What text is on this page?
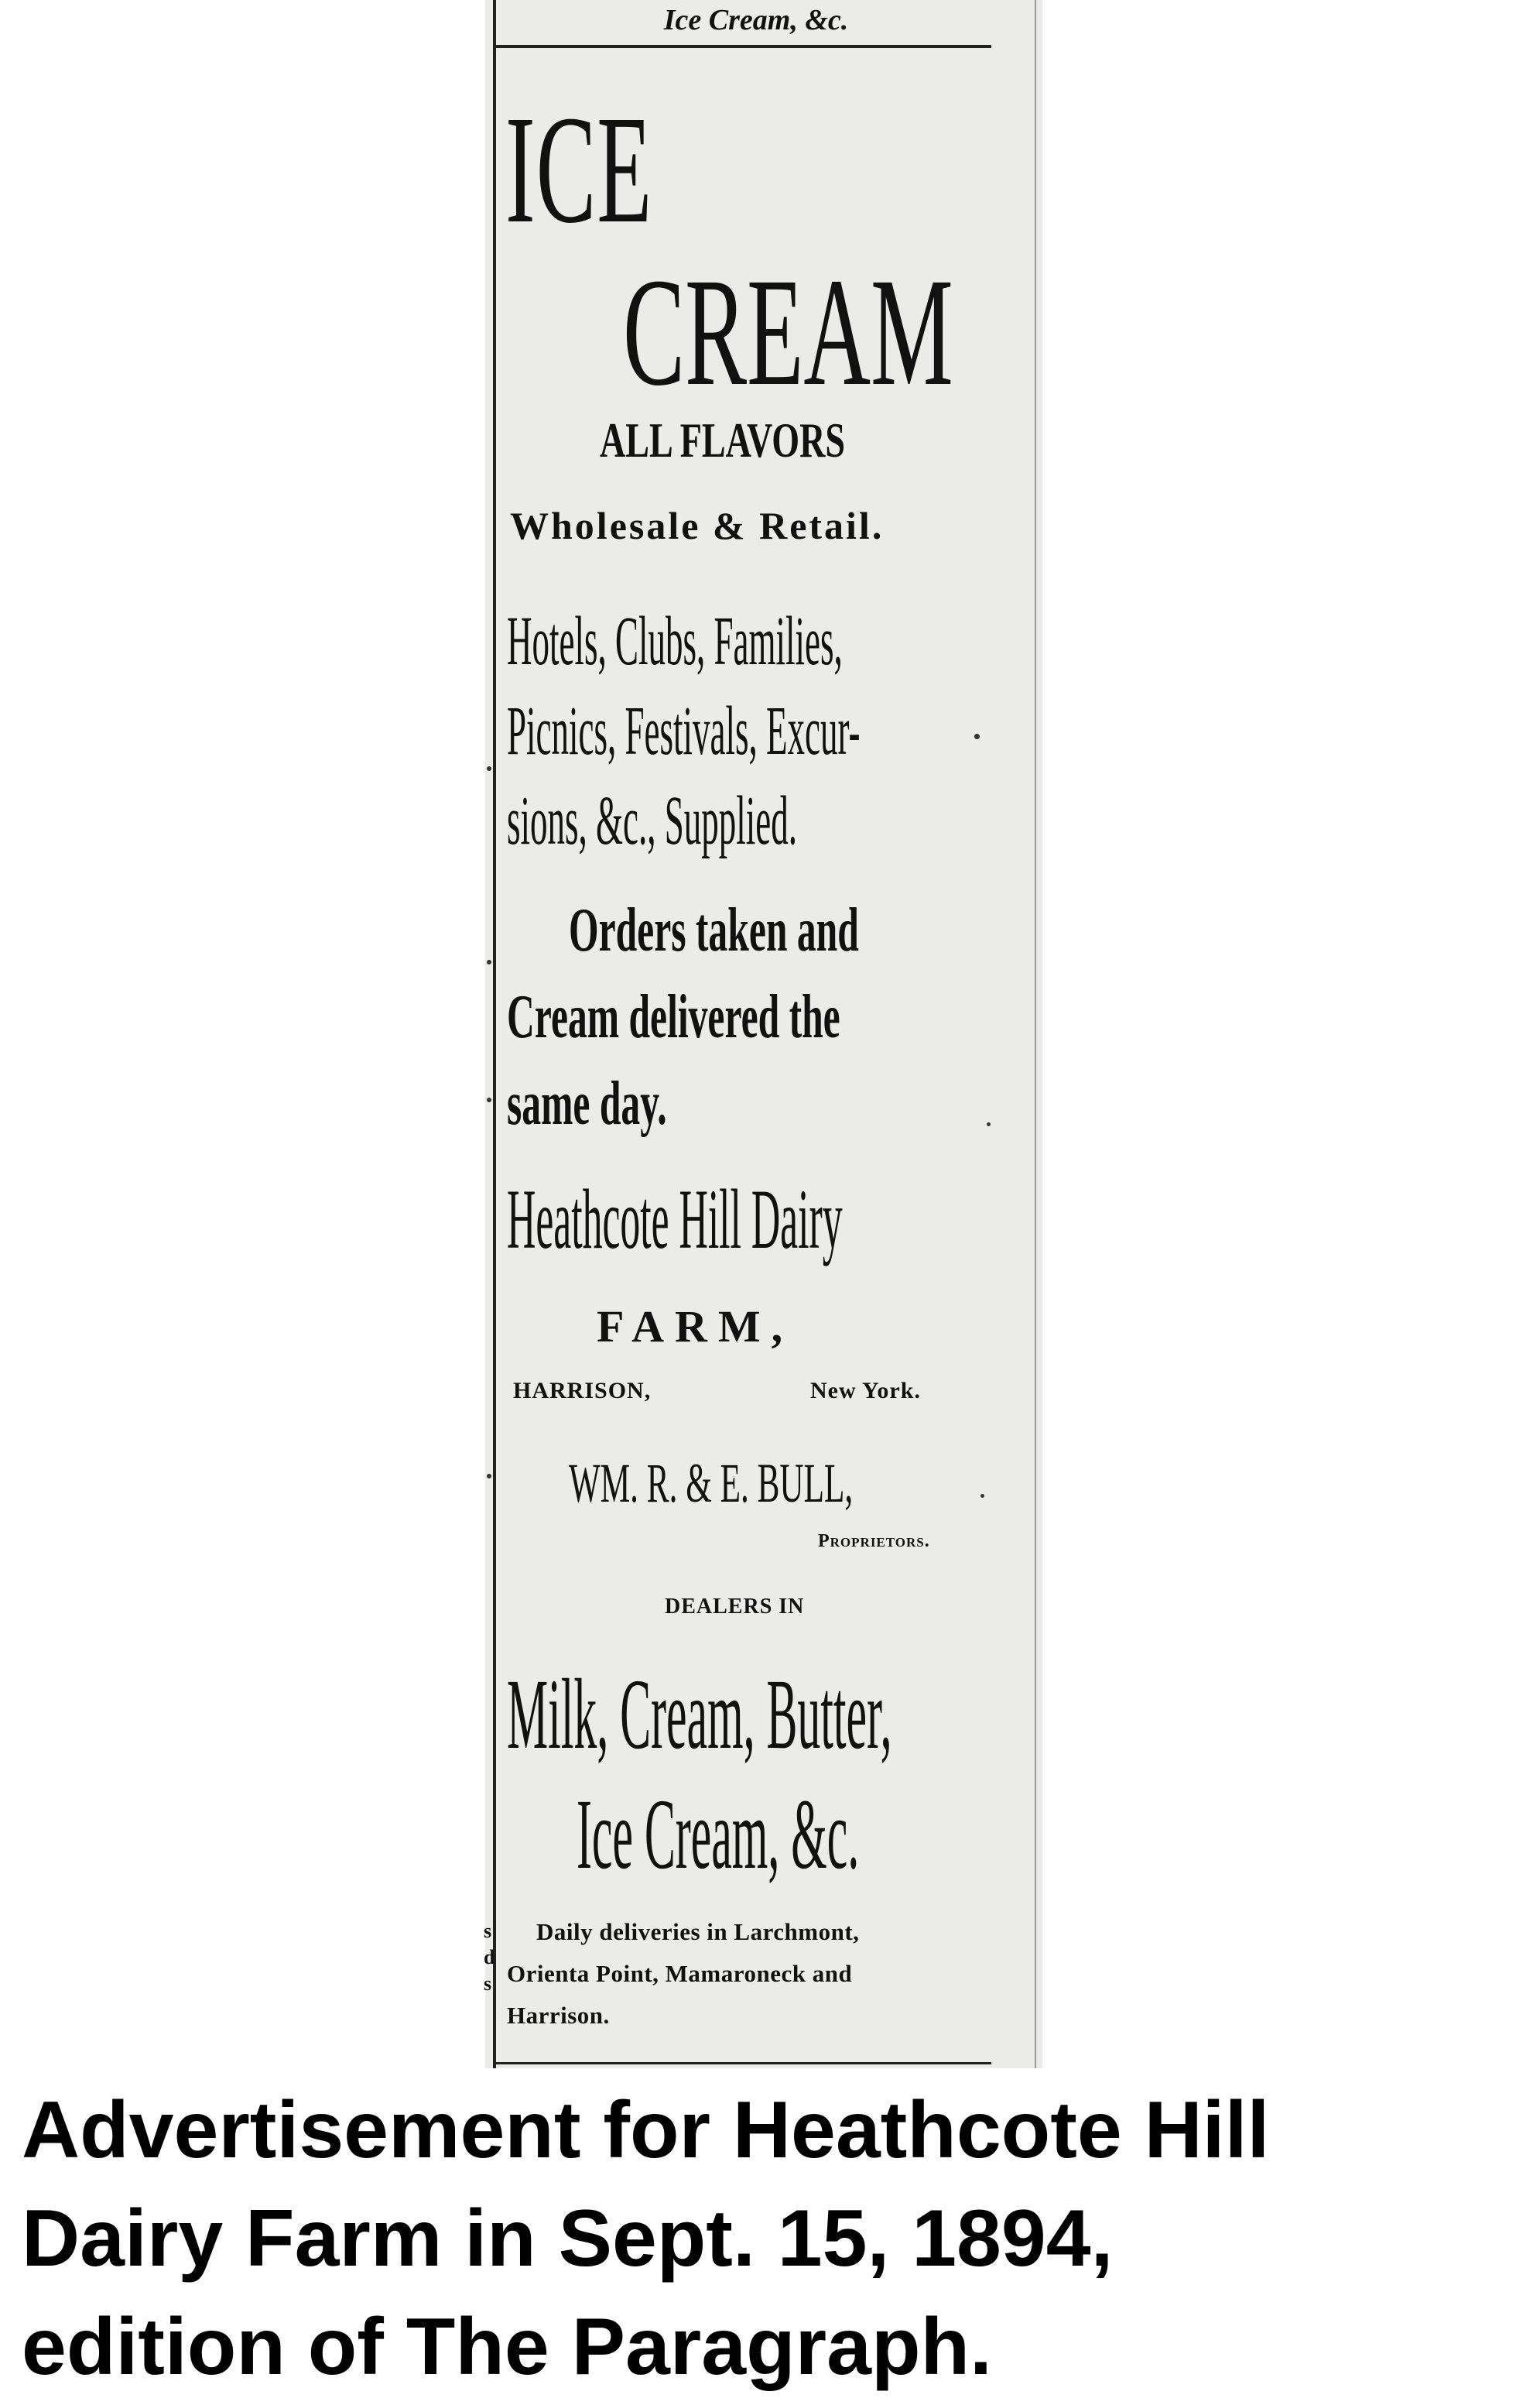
Ice Cream, &c.

ICE

CREAM

ALL FLAVORS

Wholesale & Retail.

Hotels, Clubs, Families,

Picnics, Festivals, Excur-

sions, &c., Supplied.

Orders taken and

Cream delivered the

same day.

Heathcote Hill Dairy

FARM,

HARRISON,	New York.

WM. R. & E. BULL,

Proprietors.

DEALERS IN

Milk, Cream, Butter,

Ice Cream, &c.

Daily deliveries in Larchmont,

Orienta Point, Mamaroneck and

Harrison.

s
d
s
Advertisement for Heathcote Hill
Dairy Farm in Sept. 15, 1894,
edition of The Paragraph.
